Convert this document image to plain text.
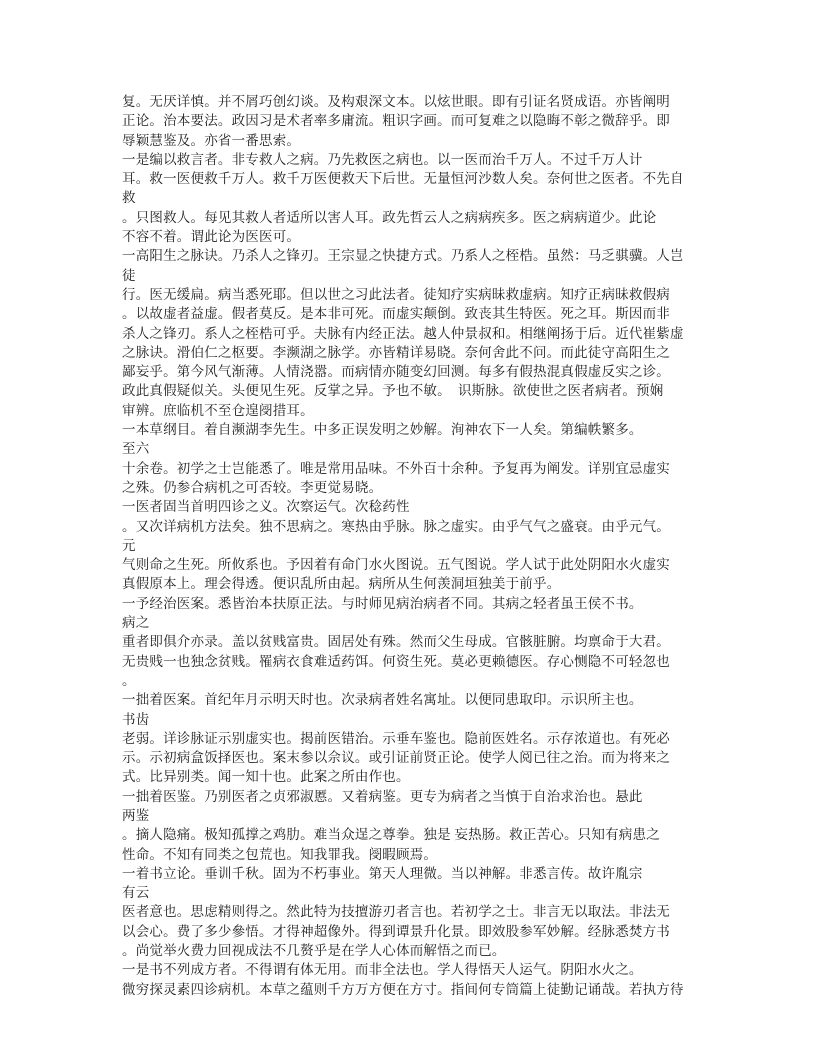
复。无厌详慎。并不屑巧创幻谈。及构艰深文本。以炫世眼。即有引证名贤成语。亦皆阐明
正论。治本要法。政因习是术者率多庸流。粗识字画。而可复难之以隐晦不彰之微辞乎。即
辱颖慧鉴及。亦省一番思索。
一是编以救言者。非专救人之病。乃先救医之病也。以一医而治千万人。不过千万人计
耳。救一医便救千万人。救千万医便救天下后世。无量恒河沙数人矣。奈何世之医者。不先自
救
。只图救人。每见其救人者适所以害人耳。政先哲云人之病病疾多。医之病病道少。此论
不容不着。谓此论为医医可。
一高阳生之脉诀。乃杀人之锋刃。王宗显之快捷方式。乃系人之桎梏。虽然：马乏骐骥。人岂
徒
行。医无缓扁。病当悉死耶。但以世之习此法者。徒知疗实病昧救虚病。知疗正病昧救假病
。以故虚者益虚。假者莫反。是本非可死。而虚实颠倒。致丧其生特医。死之耳。斯因而非
杀人之锋刃。系人之桎梏可乎。夫脉有内经正法。越人仲景叔和。相继阐扬于后。近代崔紫虚
之脉诀。滑伯仁之枢要。李濒湖之脉学。亦皆精详易晓。奈何舍此不问。而此徒守高阳生之
鄙妄乎。第今风气渐薄。人情浇嚣。而病情亦随变幻回测。每多有假热混真假虚反实之诊。
政此真假疑似关。头便见生死。反掌之异。予也不敏。  识斯脉。欲使世之医者病者。预娴
审辨。庶临机不至仓遑阌措耳。
一本草纲目。着自濒湖李先生。中多正误发明之妙解。洵神农下一人矣。第编帙繁多。
至六
十余卷。初学之士岂能悉了。唯是常用品味。不外百十余种。予复再为阐发。详别宜忌虚实
之殊。仍参合病机之可否较。李更觉易晓。
一医者固当首明四诊之义。次察运气。次稔药性
。又次详病机方法矣。独不思病之。寒热由乎脉。脉之虚实。由乎气气之盛衰。由乎元气。
元
气则命之生死。所攸系也。予因着有命门水火图说。五气图说。学人试于此处阴阳水火虚实
真假原本上。理会得透。便识乱所由起。病所从生何羡洞垣独美于前乎。
一予经治医案。悉皆治本扶原正法。与时师见病治病者不同。其病之轻者虽王侯不书。
病之
重者即俱介亦录。盖以贫贱富贵。固居处有殊。然而父生母成。官骸脏腑。均禀命于大君。
无贵贱一也独念贫贱。罹病衣食难适药饵。何资生死。莫必更赖德医。存心恻隐不可轻忽也
。
一拙着医案。首纪年月示明天时也。次录病者姓名寓址。以便同患取印。示识所主也。
书齿
老弱。详诊脉证示别虚实也。揭前医错治。示垂车鉴也。隐前医姓名。示存浓道也。有死必
示。示初病盒饭择医也。案末参以佘议。或引证前贤正论。使学人阅已往之治。而为将来之
式。比异别类。闻一知十也。此案之所由作也。
一拙着医鉴。乃别医者之贞邪淑慝。又着病鉴。更专为病者之当慎于自治求治也。悬此
两鉴
。摘人隐痛。极知孤撑之鸡肋。难当众逞之尊拳。独是 妄热肠。救正苦心。只知有病患之
性命。不知有同类之包荒也。知我罪我。阌暇顾焉。
一着书立论。垂训千秋。固为不朽事业。第天人理微。当以神解。非悉言传。故许胤宗
有云
医者意也。思虑精则得之。然此特为技擅游刃者言也。若初学之士。非言无以取法。非法无
以会心。费了多少參悟。才得神超像外。得到谭景升化景。即效股参军妙解。经脉悉焚方书
。尚觉举火费力回视成法不几赘乎是在学人心体而解悟之而已。
一是书不列成方者。不得谓有体无用。而非全法也。学人得悟天人运气。阴阳水火之。
微穷探灵素四诊病机。本草之蕴则千方万方便在方寸。指间何专筒篇上徒勤记诵哉。若执方待
